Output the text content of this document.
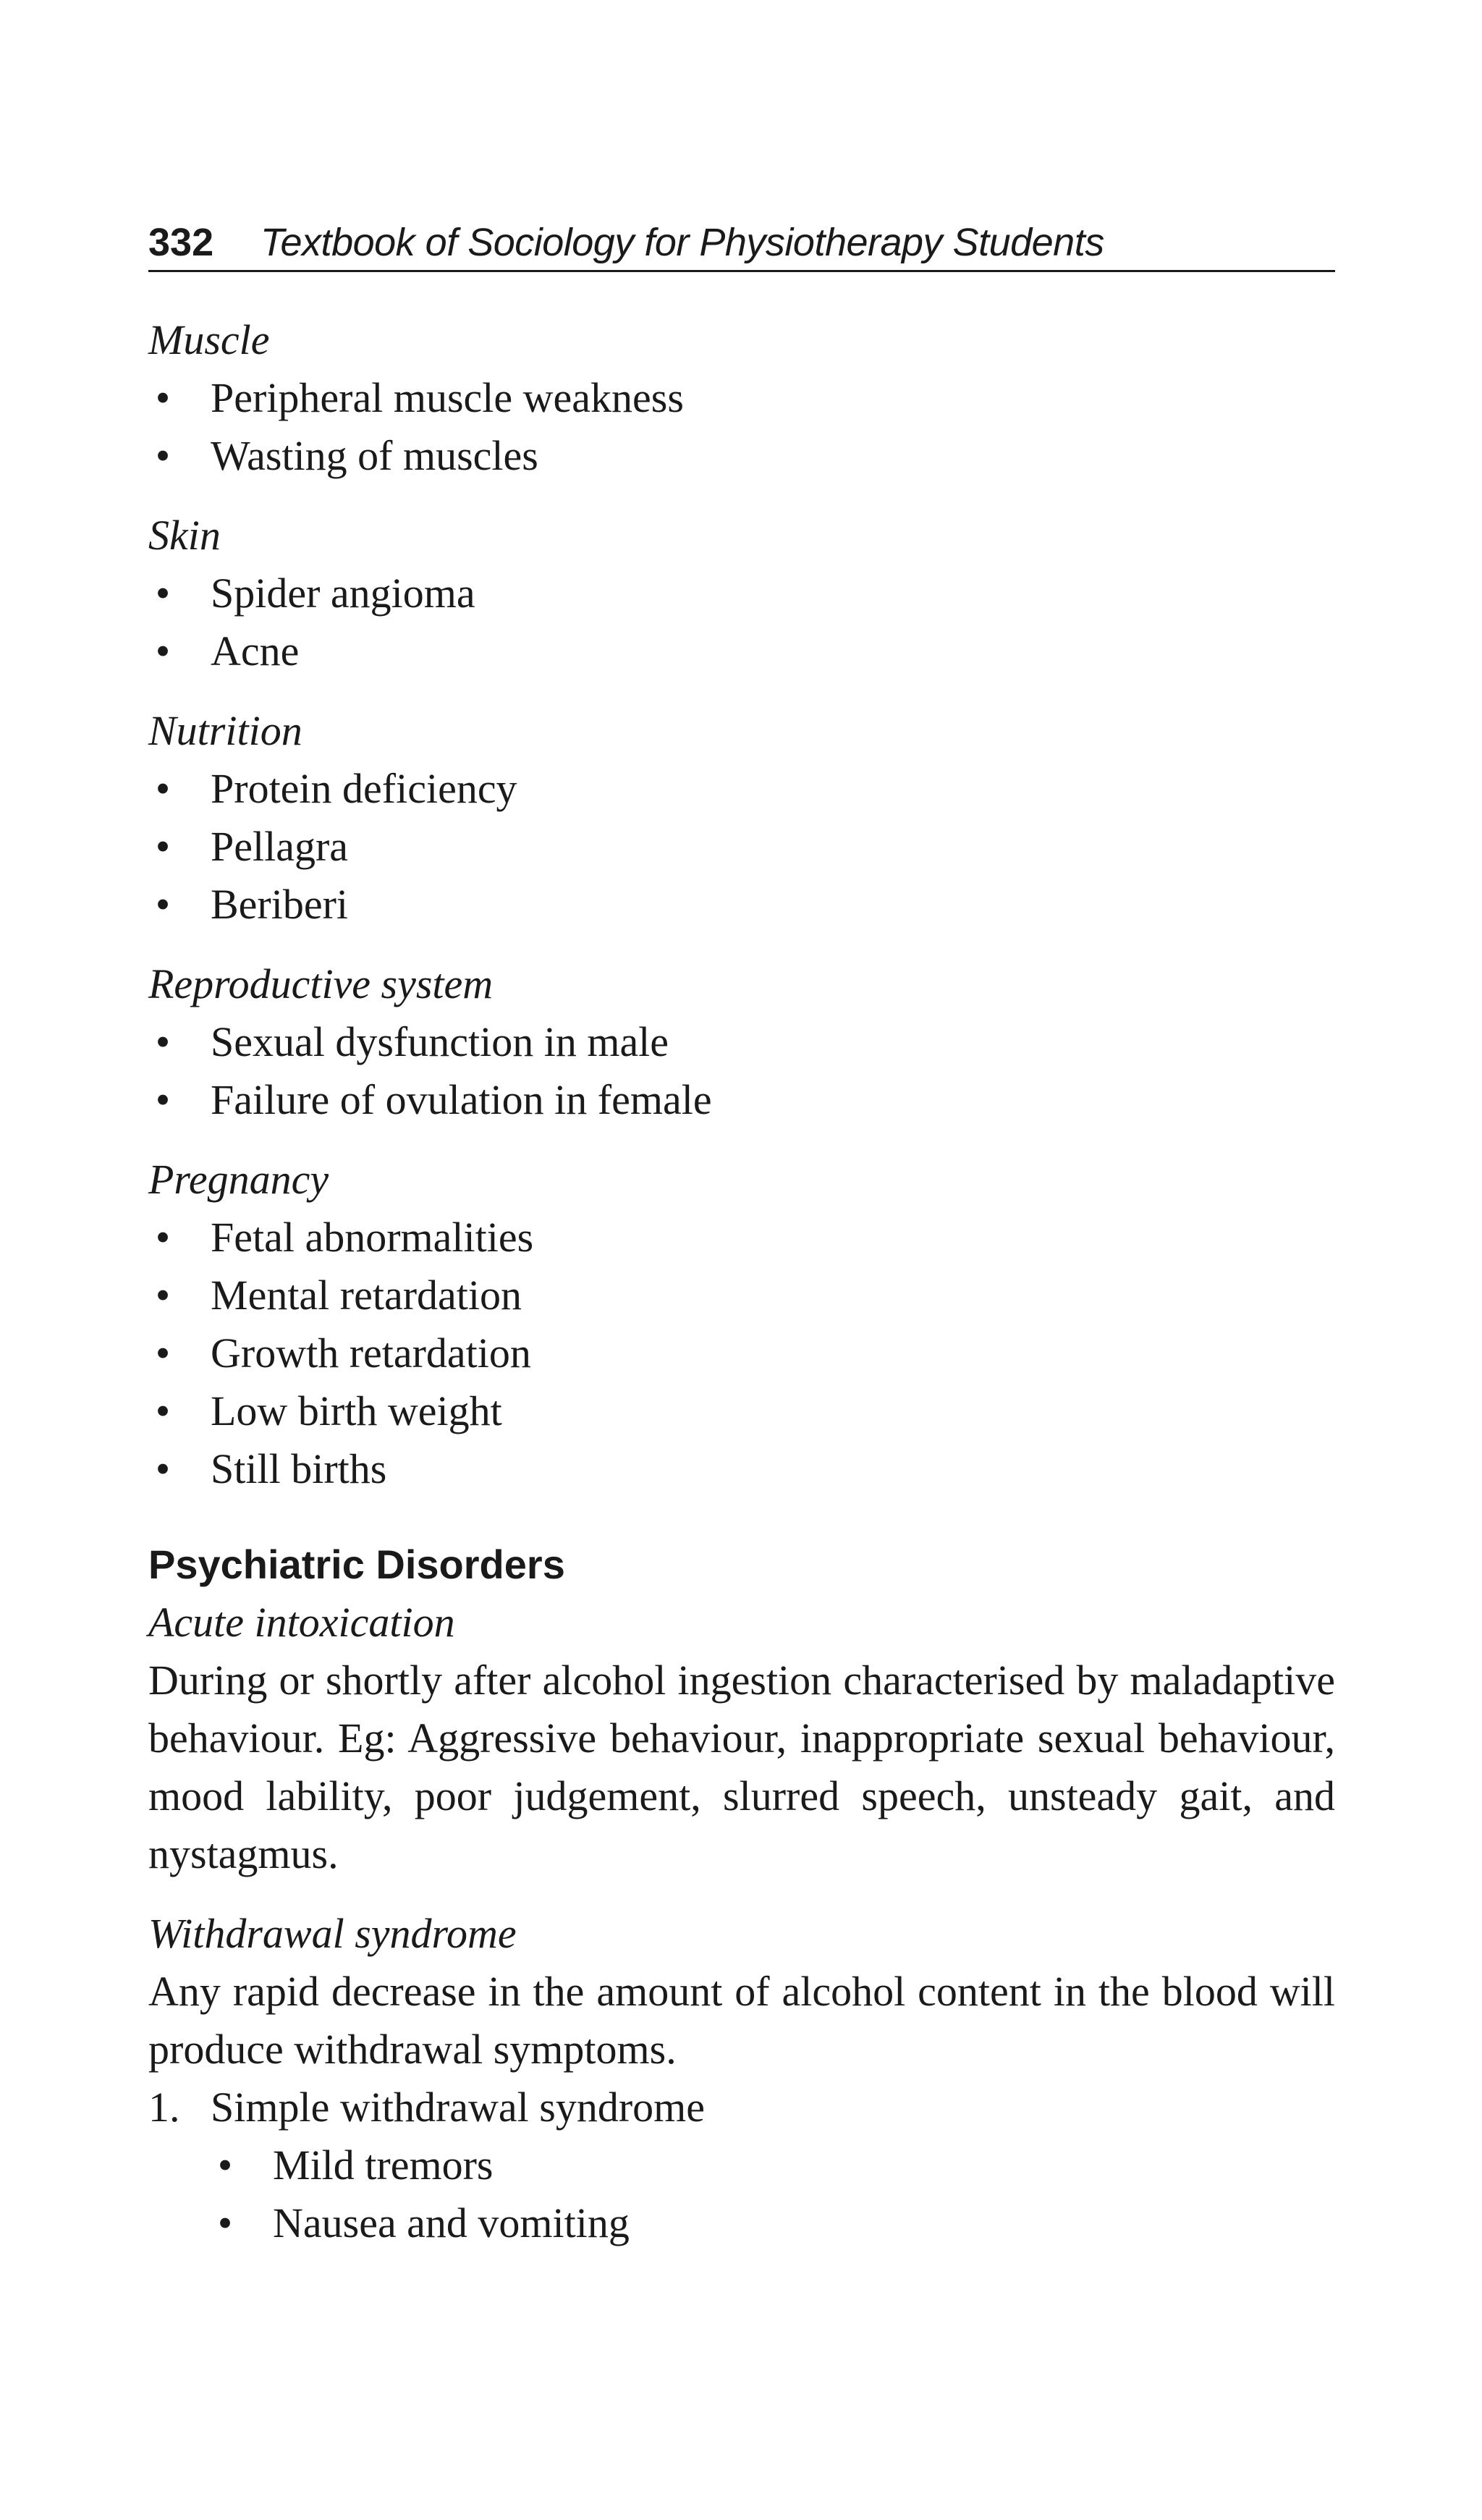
332 Textbook of Sociology for Physiotherapy Students
Muscle
• Peripheral muscle weakness
• Wasting of muscles
Skin
• Spider angioma
• Acne
Nutrition
• Protein deficiency
• Pellagra
• Beriberi
Reproductive system
• Sexual dysfunction in male
• Failure of ovulation in female
Pregnancy
• Fetal abnormalities
• Mental retardation
• Growth retardation
• Low birth weight
• Still births
Psychiatric Disorders
Acute intoxication
During or shortly after alcohol ingestion characterised by maladaptive behaviour. Eg: Aggressive behaviour, inappropriate sexual behaviour, mood lability, poor judgement, slurred speech, unsteady gait, and nystagmus.
Withdrawal syndrome
Any rapid decrease in the amount of alcohol content in the blood will produce withdrawal symptoms.
1. Simple withdrawal syndrome
• Mild tremors
• Nausea and vomiting
